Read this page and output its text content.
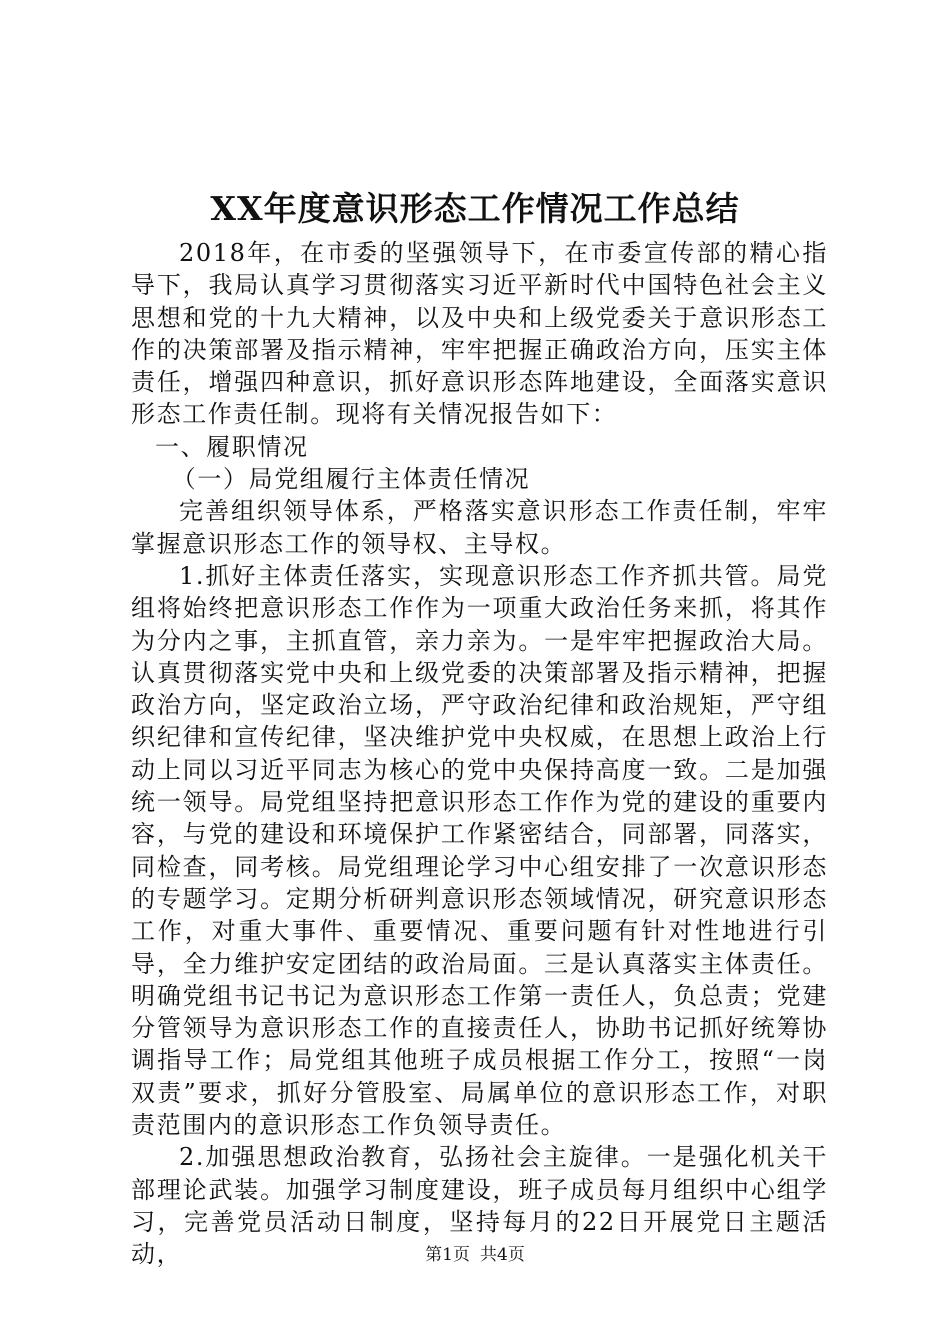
XX年度意识形态工作情况工作总结

2018年，在市委的坚强领导下，在市委宣传部的精心指导下，我局认真学习贯彻落实习近平新时代中国特色社会主义思想和党的十九大精神，以及中央和上级党委关于意识形态工作的决策部署及指示精神，牢牢把握正确政治方向，压实主体责任，增强四种意识，抓好意识形态阵地建设，全面落实意识形态工作责任制。现将有关情况报告如下：

一、履职情况

（一）局党组履行主体责任情况

完善组织领导体系，严格落实意识形态工作责任制，牢牢掌握意识形态工作的领导权、主导权。

1.抓好主体责任落实，实现意识形态工作齐抓共管。局党组将始终把意识形态工作作为一项重大政治任务来抓，将其作为分内之事，主抓直管，亲力亲为。一是牢牢把握政治大局。认真贯彻落实党中央和上级党委的决策部署及指示精神，把握政治方向，坚定政治立场，严守政治纪律和政治规矩，严守组织纪律和宣传纪律，坚决维护党中央权威，在思想上政治上行动上同以习近平同志为核心的党中央保持高度一致。二是加强统一领导。局党组坚持把意识形态工作作为党的建设的重要内容，与党的建设和环境保护工作紧密结合，同部署，同落实，同检查，同考核。局党组理论学习中心组安排了一次意识形态的专题学习。定期分析研判意识形态领域情况，研究意识形态工作，对重大事件、重要情况、重要问题有针对性地进行引导，全力维护安定团结的政治局面。三是认真落实主体责任。明确党组书记书记为意识形态工作第一责任人，负总责；党建分管领导为意识形态工作的直接责任人，协助书记抓好统筹协调指导工作；局党组其他班子成员根据工作分工，按照“一岗双责”要求，抓好分管股室、局属单位的意识形态工作，对职责范围内的意识形态工作负领导责任。

2.加强思想政治教育，弘扬社会主旋律。一是强化机关干部理论武装。加强学习制度建设，班子成员每月组织中心组学习，完善党员活动日制度，坚持每月的22日开展党日主题活动，	第1页 共4页
